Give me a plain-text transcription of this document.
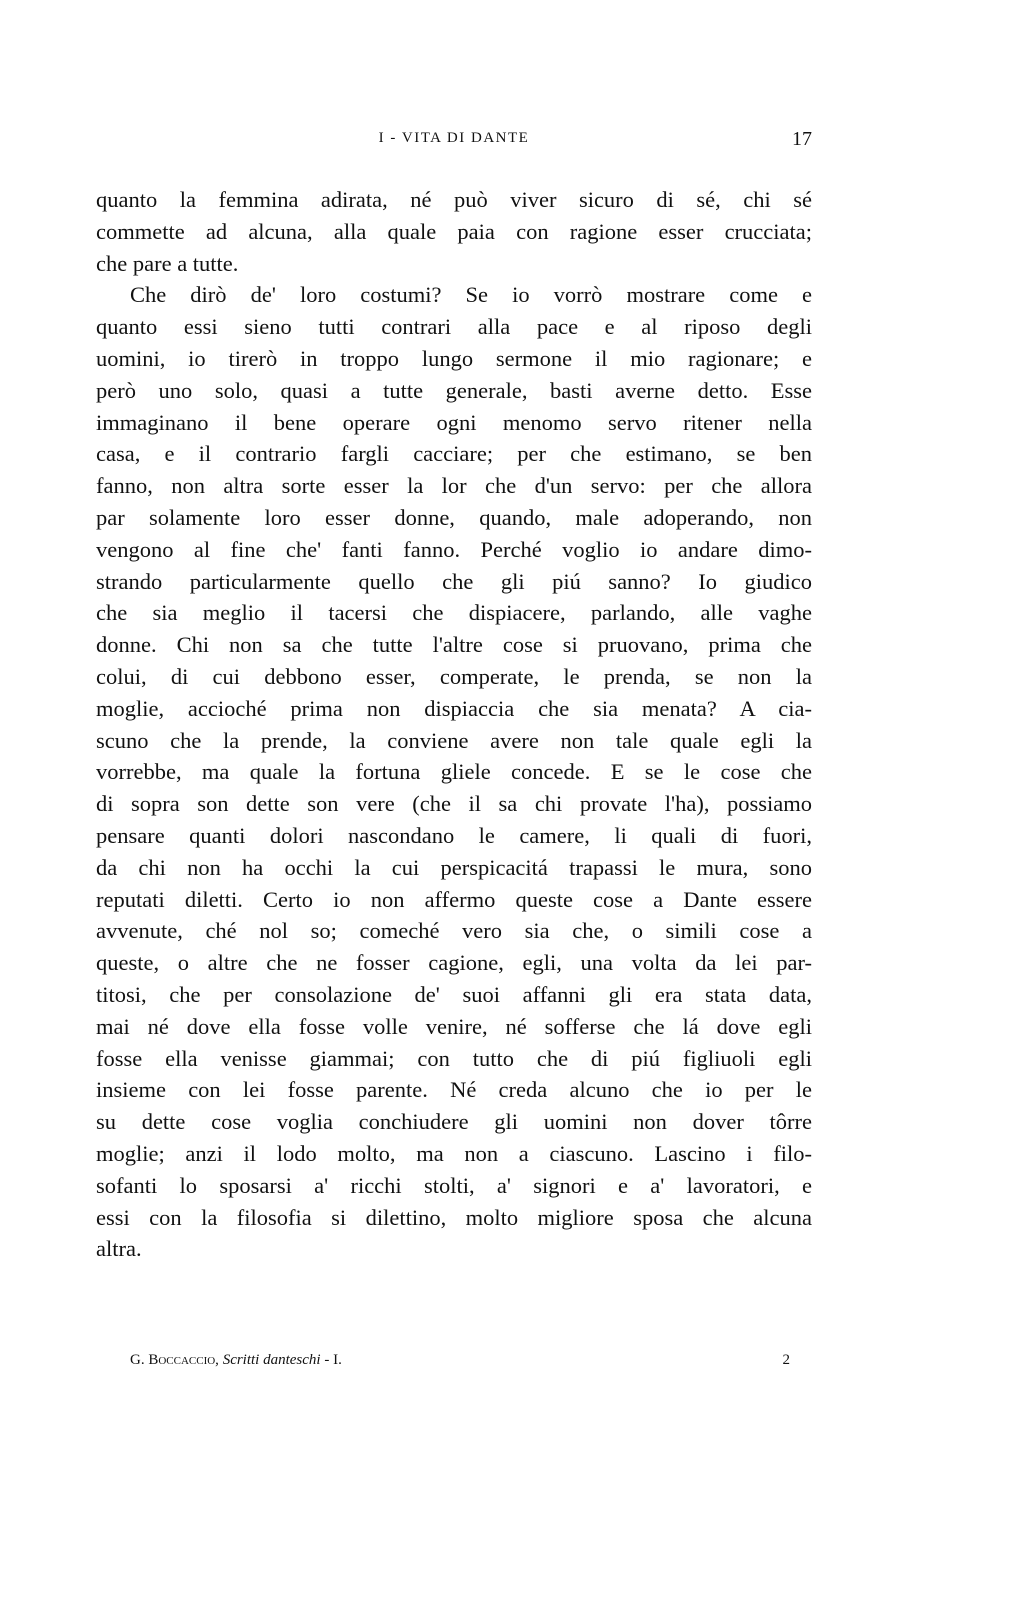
I - VITA DI DANTE	17
quanto la femmina adirata, né può viver sicuro di sé, chi sé
commette ad alcuna, alla quale paia con ragione esser crucciata;
che pare a tutte.
Che dirò de' loro costumi? Se io vorrò mostrare come e
quanto essi sieno tutti contrari alla pace e al riposo degli
uomini, io tirerò in troppo lungo sermone il mio ragionare; e
però uno solo, quasi a tutte generale, basti averne detto. Esse
immaginano il bene operare ogni menomo servo ritener nella
casa, e il contrario fargli cacciare; per che estimano, se ben
fanno, non altra sorte esser la lor che d'un servo: per che allora
par solamente loro esser donne, quando, male adoperando, non
vengono al fine che' fanti fanno. Perché voglio io andare dimo-
strando particularmente quello che gli piú sanno? Io giudico
che sia meglio il tacersi che dispiacere, parlando, alle vaghe
donne. Chi non sa che tutte l'altre cose si pruovano, prima che
colui, di cui debbono esser, comperate, le prenda, se non la
moglie, accioché prima non dispiaccia che sia menata? A cia-
scuno che la prende, la conviene avere non tale quale egli la
vorrebbe, ma quale la fortuna gliele concede. E se le cose che
di sopra son dette son vere (che il sa chi provate l'ha), possiamo
pensare quanti dolori nascondano le camere, li quali di fuori,
da chi non ha occhi la cui perspicacitá trapassi le mura, sono
reputati diletti. Certo io non affermo queste cose a Dante essere
avvenute, ché nol so; comeché vero sia che, o simili cose a
queste, o altre che ne fosser cagione, egli, una volta da lei par-
titosi, che per consolazione de' suoi affanni gli era stata data,
mai né dove ella fosse volle venire, né sofferse che lá dove egli
fosse ella venisse giammai; con tutto che di piú figliuoli egli
insieme con lei fosse parente. Né creda alcuno che io per le
su dette cose voglia conchiudere gli uomini non dover tôrre
moglie; anzi il lodo molto, ma non a ciascuno. Lascino i filo-
sofanti lo sposarsi a' ricchi stolti, a' signori e a' lavoratori, e
essi con la filosofia si dilettino, molto migliore sposa che alcuna
altra.
G. Boccaccio, Scritti danteschi - I.	2
